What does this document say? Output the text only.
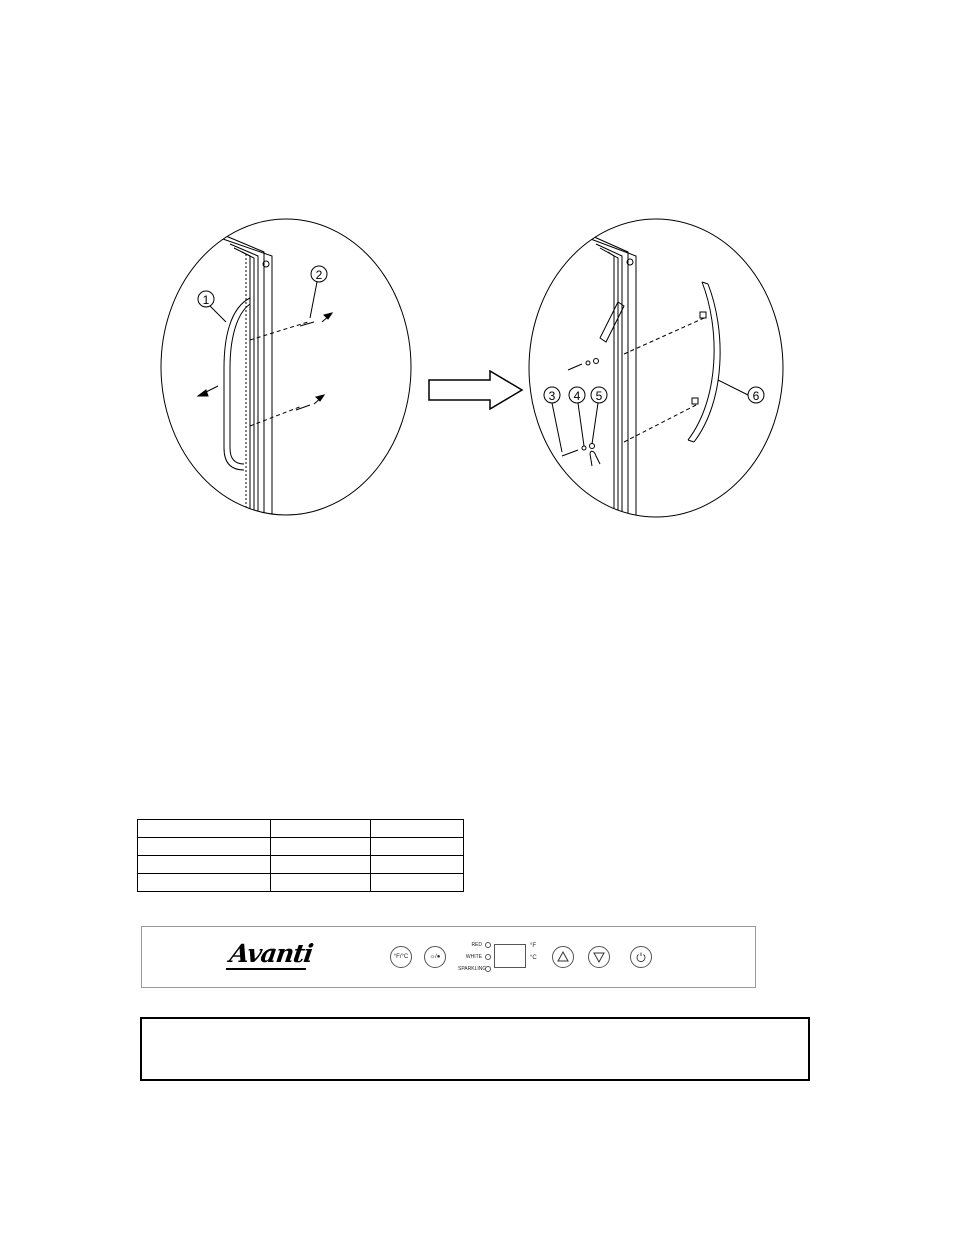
1
2
3 4 5	6

Avanti	°F/°C	☼/●
RED
WHITE
SPARKLING
°F
°C
